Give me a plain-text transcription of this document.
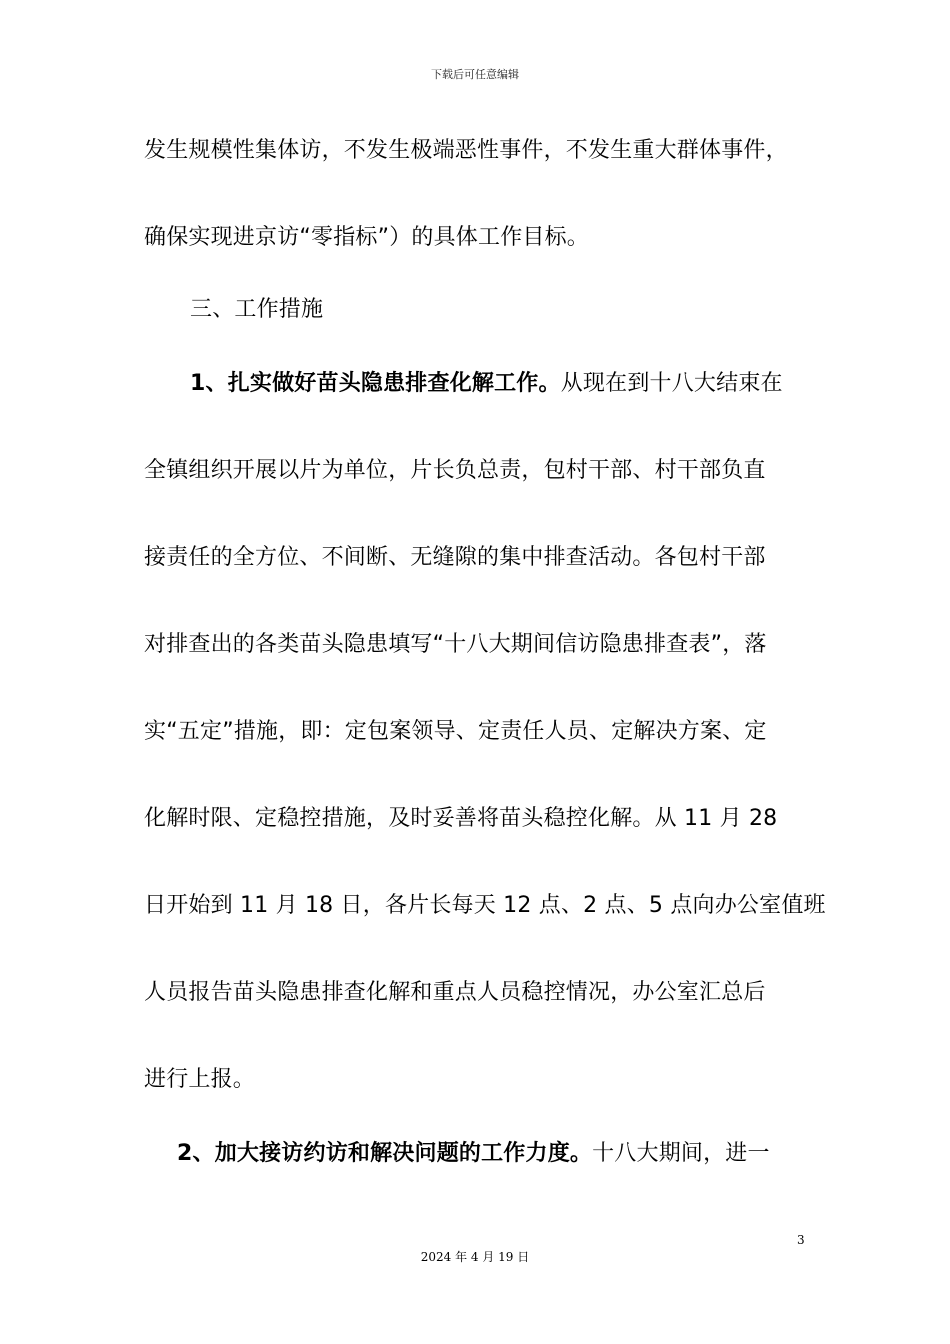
下载后可任意编辑
发生规模性集体访，不发生极端恶性事件，不发生重大群体事件，
确保实现进京访“零指标”）的具体工作目标。
三、工作措施
1、扎实做好苗头隐患排查化解工作。从现在到十八大结束在
全镇组织开展以片为单位，片长负总责，包村干部、村干部负直
接责任的全方位、不间断、无缝隙的集中排查活动。各包村干部
对排查出的各类苗头隐患填写“十八大期间信访隐患排查表”，落
实“五定”措施，即：定包案领导、定责任人员、定解决方案、定
化解时限、定稳控措施，及时妥善将苗头稳控化解。从 11 月 28
日开始到 11 月 18 日，各片长每天 12 点、2 点、5 点向办公室值班
人员报告苗头隐患排查化解和重点人员稳控情况，办公室汇总后
进行上报。
2、加大接访约访和解决问题的工作力度。十八大期间，进一
3
2024 年 4 月 19 日
